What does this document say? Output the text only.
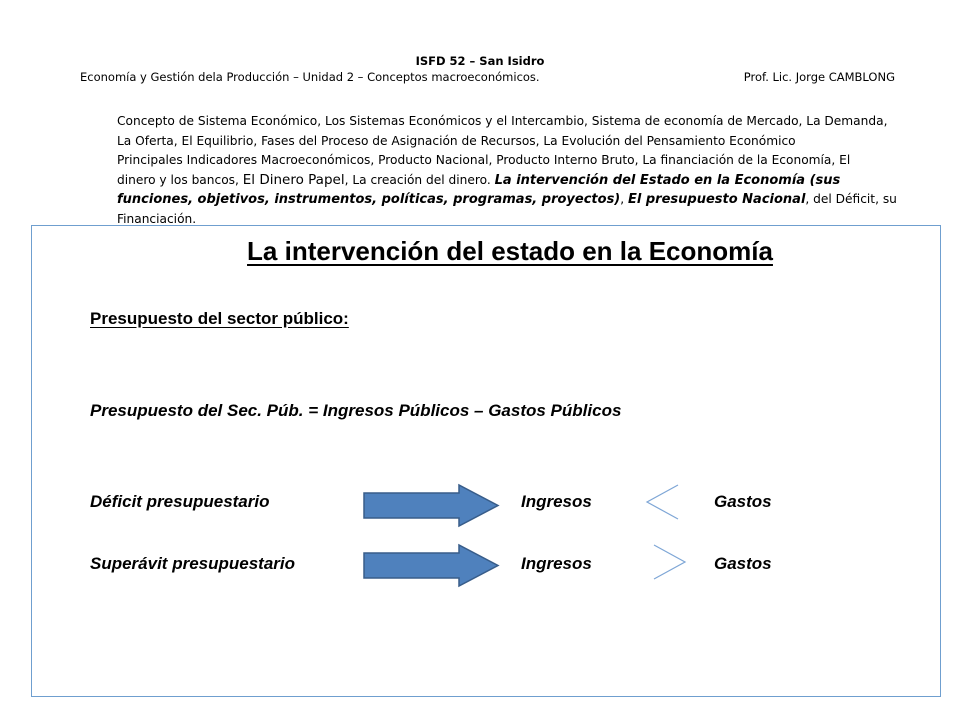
ISFD 52 – San Isidro
Economía y Gestión dela Producción – Unidad 2 – Conceptos macroeconómicos.	Prof. Lic. Jorge CAMBLONG
Concepto de Sistema Económico, Los Sistemas Económicos y el Intercambio, Sistema de economía de Mercado, La Demanda,
La Oferta, El Equilibrio, Fases del Proceso de Asignación de Recursos, La Evolución del Pensamiento Económico
Principales Indicadores Macroeconómicos, Producto Nacional, Producto Interno Bruto, La financiación de la Economía, El
dinero y los bancos, El Dinero Papel, La creación del dinero. La intervención del Estado en la Economía (sus
funciones, objetivos, instrumentos, políticas, programas, proyectos), El presupuesto Nacional, del Déficit, su
Financiación.
La intervención del estado en la Economía
Presupuesto del sector público:
Presupuesto del Sec. Púb. = Ingresos Públicos – Gastos Públicos
Déficit presupuestario	Ingresos	Gastos
Superávit presupuestario	Ingresos	Gastos
